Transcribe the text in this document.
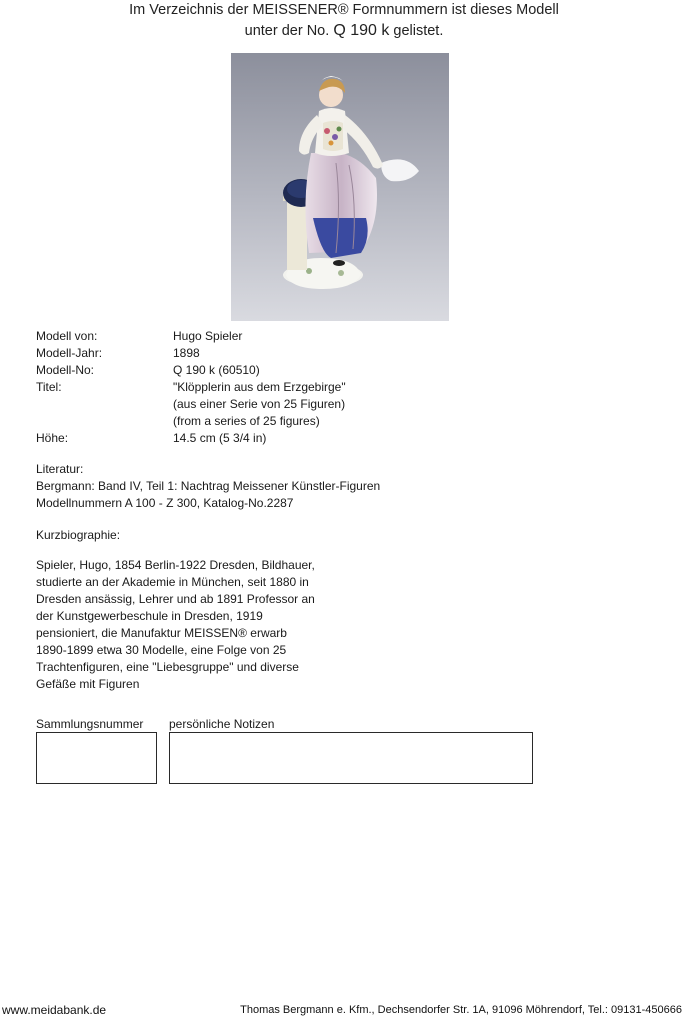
Im Verzeichnis der MEISSENER® Formnummern ist dieses Modell
unter der No. Q 190 k gelistet.
Modell von:	Hugo Spieler
Modell-Jahr:	1898
Modell-No:	Q 190 k (60510)
Titel:	"Klöpplerin aus dem Erzgebirge"
(aus einer Serie von 25 Figuren)
(from a series of 25 figures)
Höhe:	14.5 cm (5 3/4 in)
Literatur:
Bergmann: Band IV, Teil 1: Nachtrag Meissener Künstler-Figuren
Modellnummern A 100 - Z 300, Katalog-No.2287
Kurzbiographie:
Spieler, Hugo, 1854 Berlin-1922 Dresden, Bildhauer,
studierte an der Akademie in München, seit 1880 in
Dresden ansässig, Lehrer und ab 1891 Professor an
der Kunstgewerbeschule in Dresden, 1919
pensioniert, die Manufaktur MEISSEN® erwarb
1890-1899 etwa 30 Modelle, eine Folge von 25
Trachtenfiguren, eine "Liebesgruppe" und diverse
Gefäße mit Figuren
Sammlungsnummer persönliche Notizen
www.meidabank.de	Thomas Bergmann e. Kfm., Dechsendorfer Str. 1A, 91096 Möhrendorf, Tel.: 09131-450666
